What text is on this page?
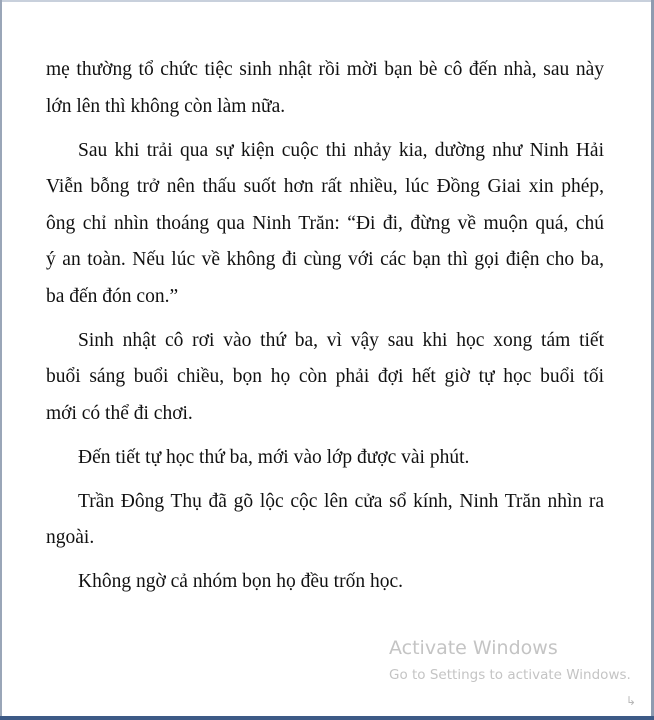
mẹ thường tổ chức tiệc sinh nhật rồi mời bạn bè cô đến nhà, sau này
lớn lên thì không còn làm nữa.
Sau khi trải qua sự kiện cuộc thi nhảy kia, dường như Ninh Hải
Viễn bỗng trở nên thấu suốt hơn rất nhiều, lúc Đồng Giai xin phép,
ông chỉ nhìn thoáng qua Ninh Trăn: “Đi đi, đừng về muộn quá, chú
ý an toàn. Nếu lúc về không đi cùng với các bạn thì gọi điện cho ba,
ba đến đón con.”
Sinh nhật cô rơi vào thứ ba, vì vậy sau khi học xong tám tiết
buổi sáng buổi chiều, bọn họ còn phải đợi hết giờ tự học buổi tối
mới có thể đi chơi.
Đến tiết tự học thứ ba, mới vào lớp được vài phút.
Trần Đông Thụ đã gõ lộc cộc lên cửa sổ kính, Ninh Trăn nhìn ra
ngoài.
Không ngờ cả nhóm bọn họ đều trốn học.
Activate Windows
Go to Settings to activate Windows.
↳
